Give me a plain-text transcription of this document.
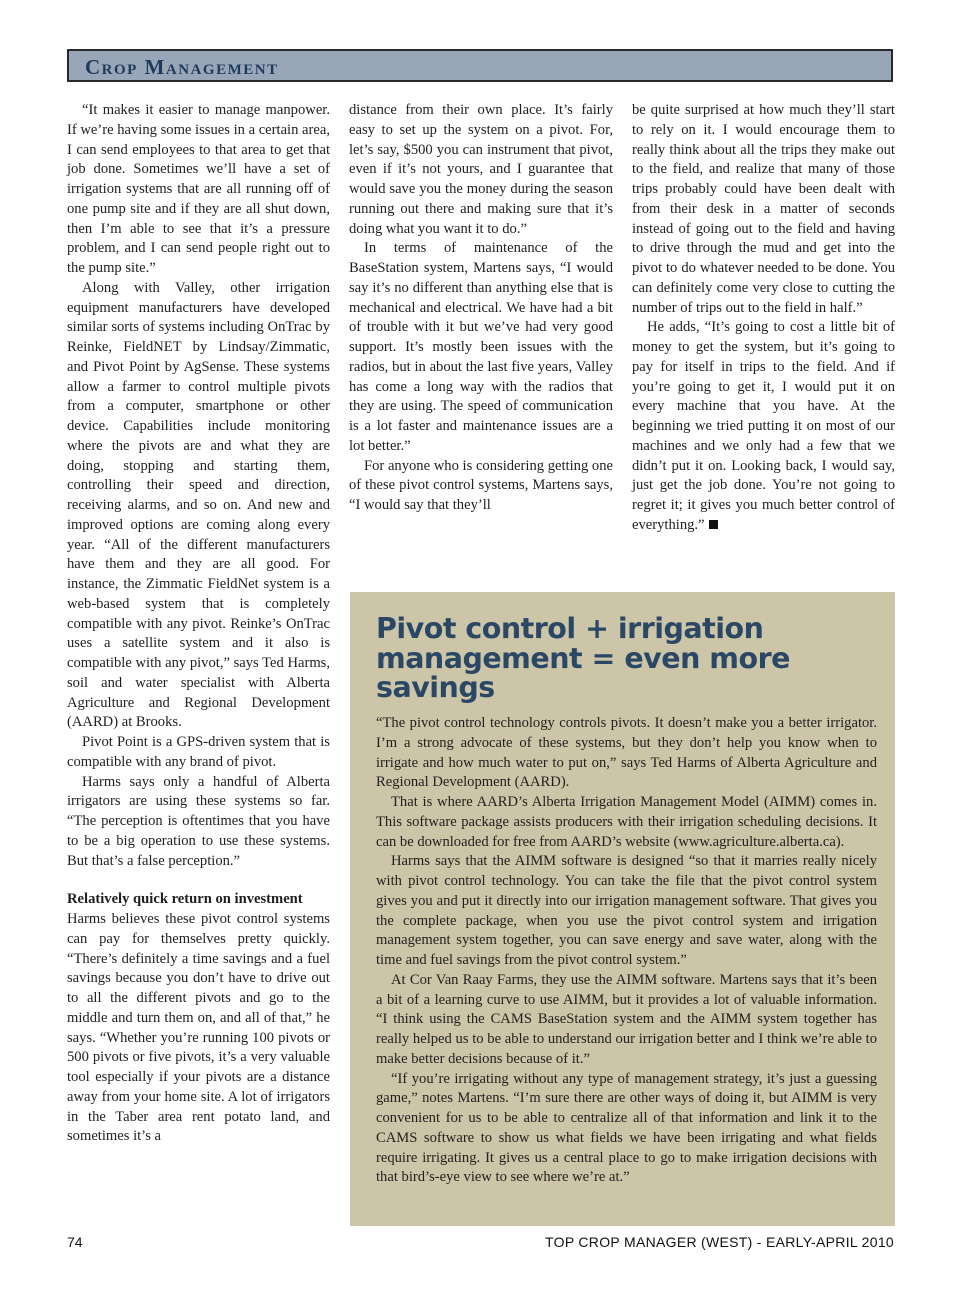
Crop Management

“It makes it easier to manage manpower. If we’re having some issues in a certain area, I can send employees to that area to get that job done. Sometimes we’ll have a set of irrigation systems that are all running off of one pump site and if they are all shut down, then I’m able to see that it’s a pressure problem, and I can send people right out to the pump site.”

Along with Valley, other irrigation equipment manufacturers have developed similar sorts of systems including OnTrac by Reinke, FieldNET by Lindsay/Zimmatic, and Pivot Point by AgSense. These systems allow a farmer to control multiple pivots from a computer, smartphone or other device. Capabilities include monitoring where the pivots are and what they are doing, stopping and starting them, controlling their speed and direction, receiving alarms, and so on. And new and improved options are coming along every year. “All of the different manufacturers have them and they are all good. For instance, the Zimmatic FieldNet system is a web-based system that is completely compatible with any pivot. Reinke’s OnTrac uses a satellite system and it also is compatible with any pivot,” says Ted Harms, soil and water specialist with Alberta Agriculture and Regional Development (AARD) at Brooks.

Pivot Point is a GPS-driven system that is compatible with any brand of pivot.

Harms says only a handful of Alberta irrigators are using these systems so far. “The perception is oftentimes that you have to be a big operation to use these systems. But that’s a false perception.”

Relatively quick return on investment

Harms believes these pivot control systems can pay for themselves pretty quickly. “There’s definitely a time savings and a fuel savings because you don’t have to drive out to all the different pivots and go to the middle and turn them on, and all of that,” he says. “Whether you’re running 100 pivots or 500 pivots or five pivots, it’s a very valuable tool especially if your pivots are a distance away from your home site. A lot of irrigators in the Taber area rent potato land, and sometimes it’s a

distance from their own place. It’s fairly easy to set up the system on a pivot. For, let’s say, $500 you can instrument that pivot, even if it’s not yours, and I guarantee that would save you the money during the season running out there and making sure that it’s doing what you want it to do.”

In terms of maintenance of the BaseStation system, Martens says, “I would say it’s no different than anything else that is mechanical and electrical. We have had a bit of trouble with it but we’ve had very good support. It’s mostly been issues with the radios, but in about the last five years, Valley has come a long way with the radios that they are using. The speed of communication is a lot faster and maintenance issues are a lot better.”

For anyone who is considering getting one of these pivot control systems, Martens says, “I would say that they’ll

be quite surprised at how much they’ll start to rely on it. I would encourage them to really think about all the trips they make out to the field, and realize that many of those trips probably could have been dealt with from their desk in a matter of seconds instead of going out to the field and having to drive through the mud and get into the pivot to do whatever needed to be done. You can definitely come very close to cutting the number of trips out to the field in half.”

He adds, “It’s going to cost a little bit of money to get the system, but it’s going to pay for itself in trips to the field. And if you’re going to get it, I would put it on every machine that you have. At the beginning we tried putting it on most of our machines and we only had a few that we didn’t put it on. Looking back, I would say, just get the job done. You’re not going to regret it; it gives you much better control of everything.”

Pivot control + irrigation management = even more savings

“The pivot control technology controls pivots. It doesn’t make you a better irrigator. I’m a strong advocate of these systems, but they don’t help you know when to irrigate and how much water to put on,” says Ted Harms of Alberta Agriculture and Regional Development (AARD).

That is where AARD’s Alberta Irrigation Management Model (AIMM) comes in. This software package assists producers with their irrigation scheduling decisions. It can be downloaded for free from AARD’s website (www.agriculture.alberta.ca).

Harms says that the AIMM software is designed “so that it marries really nicely with pivot control technology. You can take the file that the pivot control system gives you and put it directly into our irrigation management software. That gives you the complete package, when you use the pivot control system and irrigation management system together, you can save energy and save water, along with the time and fuel savings from the pivot control system.”

At Cor Van Raay Farms, they use the AIMM software. Martens says that it’s been a bit of a learning curve to use AIMM, but it provides a lot of valuable information. “I think using the CAMS BaseStation system and the AIMM system together has really helped us to be able to understand our irrigation better and I think we’re able to make better decisions because of it.”

“If you’re irrigating without any type of management strategy, it’s just a guessing game,” notes Martens. “I’m sure there are other ways of doing it, but AIMM is very convenient for us to be able to centralize all of that information and link it to the CAMS software to show us what fields we have been irrigating and what fields require irrigating. It gives us a central place to go to make irrigation decisions with that bird’s-eye view to see where we’re at.”

74	TOP CROP MANAGER (WEST) - EARLY-APRIL 2010
